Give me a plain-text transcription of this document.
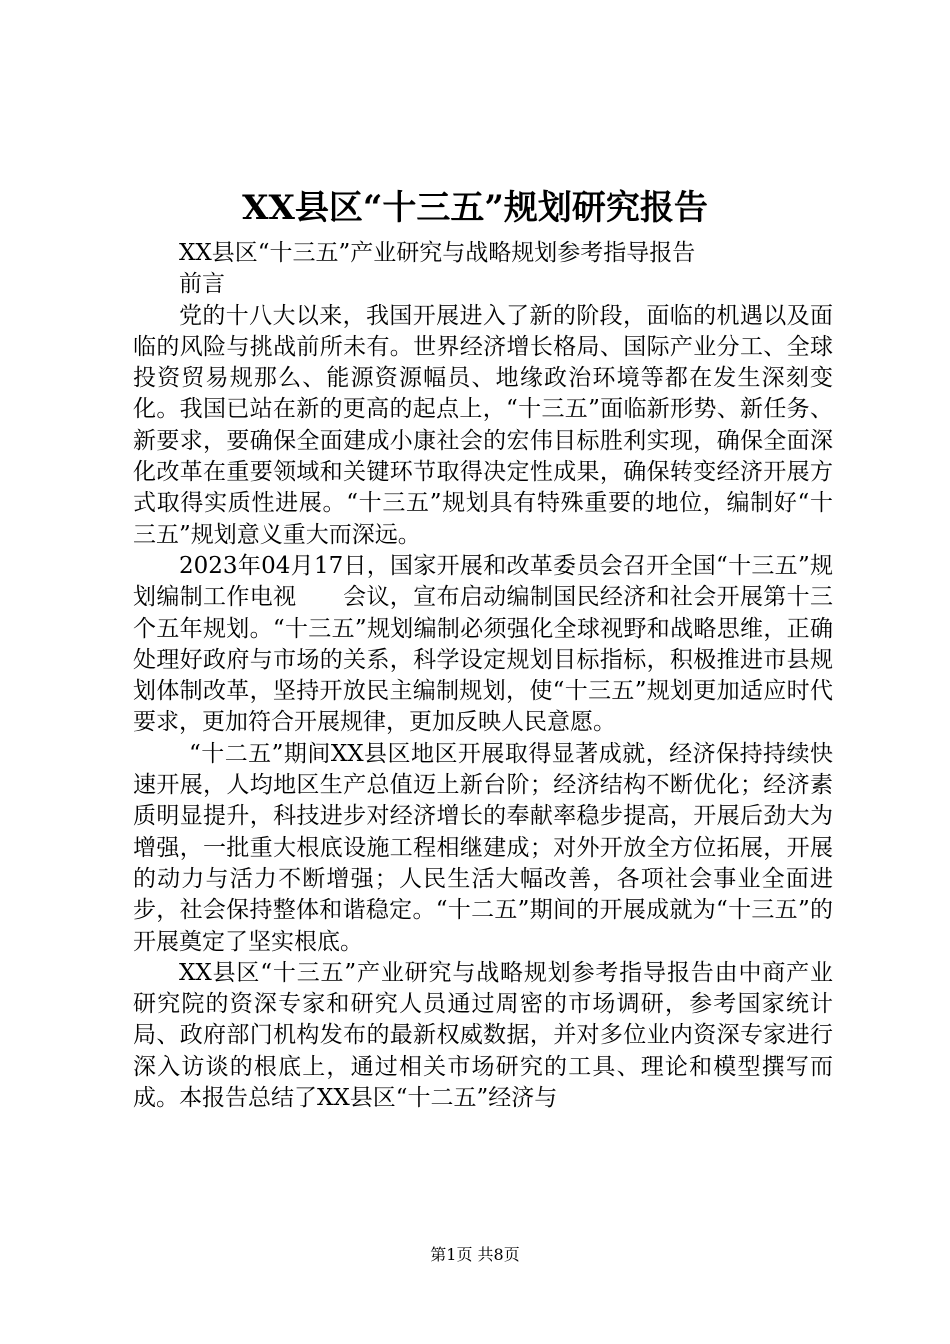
XX县区“十三五”规划研究报告

XX县区“十三五”产业研究与战略规划参考指导报告

前言

党的十八大以来，我国开展进入了新的阶段，面临的机遇以及面临的风险与挑战前所未有。世界经济增长格局、国际产业分工、全球投资贸易规那么、能源资源幅员、地缘政治环境等都在发生深刻变化。我国已站在新的更高的起点上，“十三五”面临新形势、新任务、新要求，要确保全面建成小康社会的宏伟目标胜利实现，确保全面深化改革在重要领域和关键环节取得决定性成果，确保转变经济开展方式取得实质性进展。“十三五”规划具有特殊重要的地位，编制好“十三五”规划意义重大而深远。

2023年04月17日，国家开展和改革委员会召开全国“十三五”规划编制工作电视　　会议，宣布启动编制国民经济和社会开展第十三个五年规划。“十三五”规划编制必须强化全球视野和战略思维，正确处理好政府与市场的关系，科学设定规划目标指标，积极推进市县规划体制改革，坚持开放民主编制规划，使“十三五”规划更加适应时代要求，更加符合开展规律，更加反映人民意愿。

“十二五”期间XX县区地区开展取得显著成就，经济保持持续快速开展，人均地区生产总值迈上新台阶；经济结构不断优化；经济素质明显提升，科技进步对经济增长的奉献率稳步提高，开展后劲大为增强，一批重大根底设施工程相继建成；对外开放全方位拓展，开展的动力与活力不断增强；人民生活大幅改善，各项社会事业全面进步，社会保持整体和谐稳定。“十二五”期间的开展成就为“十三五”的开展奠定了坚实根底。

XX县区“十三五”产业研究与战略规划参考指导报告由中商产业研究院的资深专家和研究人员通过周密的市场调研，参考国家统计局、政府部门机构发布的最新权威数据，并对多位业内资深专家进行深入访谈的根底上，通过相关市场研究的工具、理论和模型撰写而成。本报告总结了XX县区“十二五”经济与

第1页 共8页
